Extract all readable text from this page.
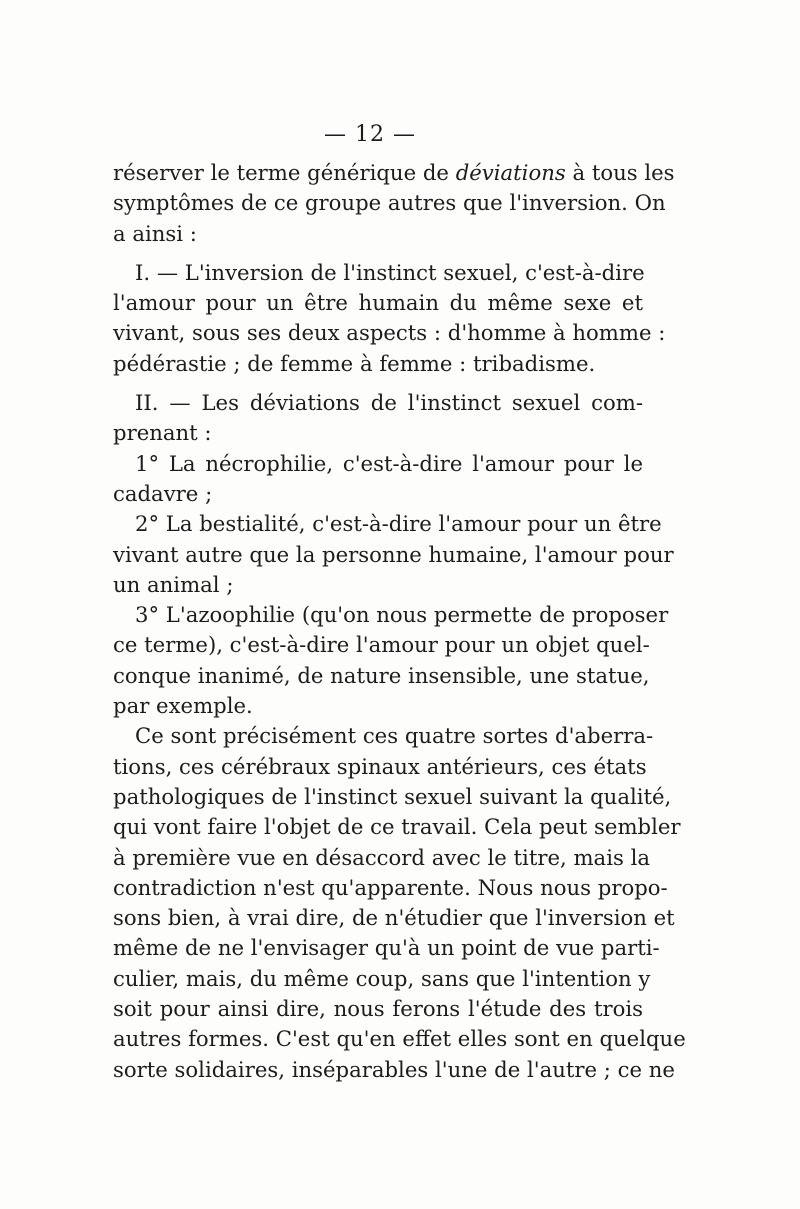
— 12 —
réserver le terme générique de déviations à tous les
symptômes de ce groupe autres que l'inversion. On
a ainsi :
I. — L'inversion de l'instinct sexuel, c'est-à-dire
l'amour pour un être humain du même sexe et
vivant, sous ses deux aspects : d'homme à homme :
pédérastie ; de femme à femme : tribadisme.
II. — Les déviations de l'instinct sexuel com-
prenant :
1° La nécrophilie, c'est-à-dire l'amour pour le
cadavre ;
2° La bestialité, c'est-à-dire l'amour pour un être
vivant autre que la personne humaine, l'amour pour
un animal ;
3° L'azoophilie (qu'on nous permette de proposer
ce terme), c'est-à-dire l'amour pour un objet quel-
conque inanimé, de nature insensible, une statue,
par exemple.
Ce sont précisément ces quatre sortes d'aberra-
tions, ces cérébraux spinaux antérieurs, ces états
pathologiques de l'instinct sexuel suivant la qualité,
qui vont faire l'objet de ce travail. Cela peut sembler
à première vue en désaccord avec le titre, mais la
contradiction n'est qu'apparente. Nous nous propo-
sons bien, à vrai dire, de n'étudier que l'inversion et
même de ne l'envisager qu'à un point de vue parti-
culier, mais, du même coup, sans que l'intention y
soit pour ainsi dire, nous ferons l'étude des trois
autres formes. C'est qu'en effet elles sont en quelque
sorte solidaires, inséparables l'une de l'autre ; ce ne
